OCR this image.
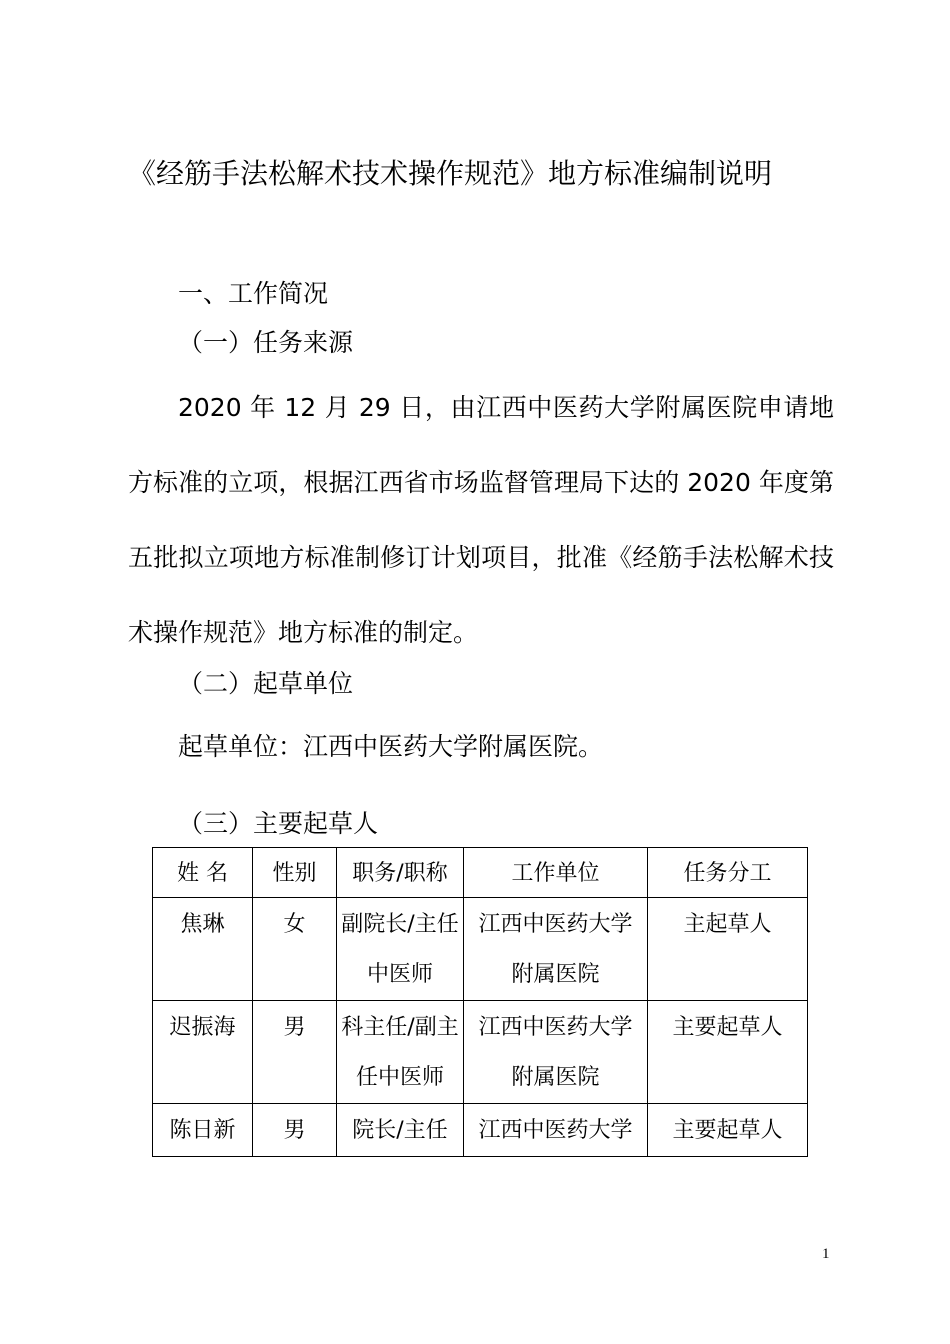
《经筋手法松解术技术操作规范》地方标准编制说明
一、工作简况
（一）任务来源
2020 年 12 月 29 日，由江西中医药大学附属医院申请地方标准的立项，根据江西省市场监督管理局下达的 2020 年度第五批拟立项地方标准制修订计划项目，批准《经筋手法松解术技术操作规范》地方标准的制定。
（二）起草单位
起草单位：江西中医药大学附属医院。
（三）主要起草人
姓 名	性别	职务/职称	工作单位	任务分工
焦琳	女	副院长/主任中医师	江西中医药大学附属医院	主起草人
迟振海	男	科主任/副主任中医师	江西中医药大学附属医院	主要起草人
陈日新	男	院长/主任	江西中医药大学	主要起草人
1
